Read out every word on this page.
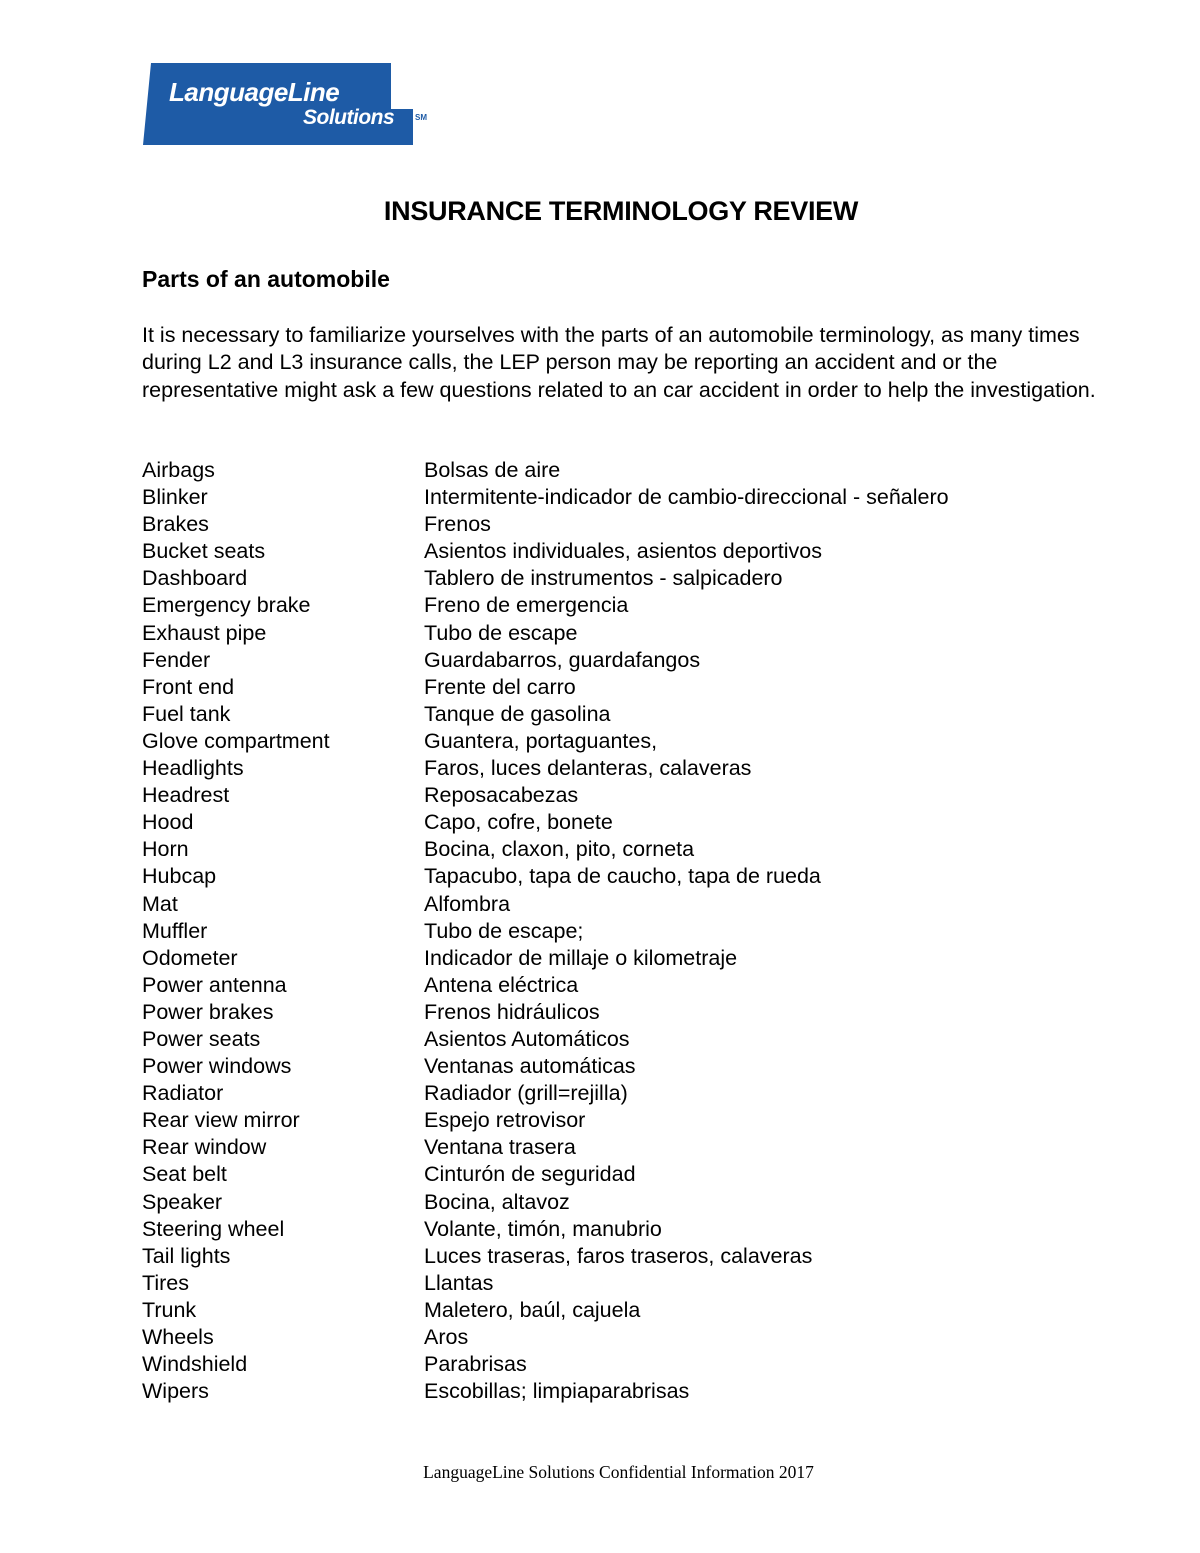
LanguageLine
Solutions	SM
INSURANCE TERMINOLOGY REVIEW
Parts of an automobile
It is necessary to familiarize yourselves with the parts of an automobile terminology, as many times during L2 and L3 insurance calls, the LEP person may be reporting an accident and or the representative might ask a few questions related to an car accident in order to help the investigation.
Airbags	Bolsas de aire
Blinker	Intermitente-indicador de cambio-direccional - señalero
Brakes	Frenos
Bucket seats	Asientos individuales, asientos deportivos
Dashboard	Tablero de instrumentos - salpicadero
Emergency brake	Freno de emergencia
Exhaust pipe	Tubo de escape
Fender	Guardabarros, guardafangos
Front end	Frente del carro
Fuel tank	Tanque de gasolina
Glove compartment	Guantera, portaguantes,
Headlights	Faros, luces delanteras, calaveras
Headrest	Reposacabezas
Hood	Capo, cofre, bonete
Horn	Bocina, claxon, pito, corneta
Hubcap	Tapacubo, tapa de caucho, tapa de rueda
Mat	Alfombra
Muffler	Tubo de escape;
Odometer	Indicador de millaje o kilometraje
Power antenna	Antena eléctrica
Power brakes	Frenos hidráulicos
Power seats	Asientos Automáticos
Power windows	Ventanas automáticas
Radiator	Radiador (grill=rejilla)
Rear view mirror	Espejo retrovisor
Rear window	Ventana trasera
Seat belt	Cinturón de seguridad
Speaker	Bocina, altavoz
Steering wheel	Volante, timón, manubrio
Tail lights	Luces traseras, faros traseros, calaveras
Tires	Llantas
Trunk	Maletero, baúl, cajuela
Wheels	Aros
Windshield	Parabrisas
Wipers	Escobillas; limpiaparabrisas
LanguageLine Solutions Confidential Information 2017
